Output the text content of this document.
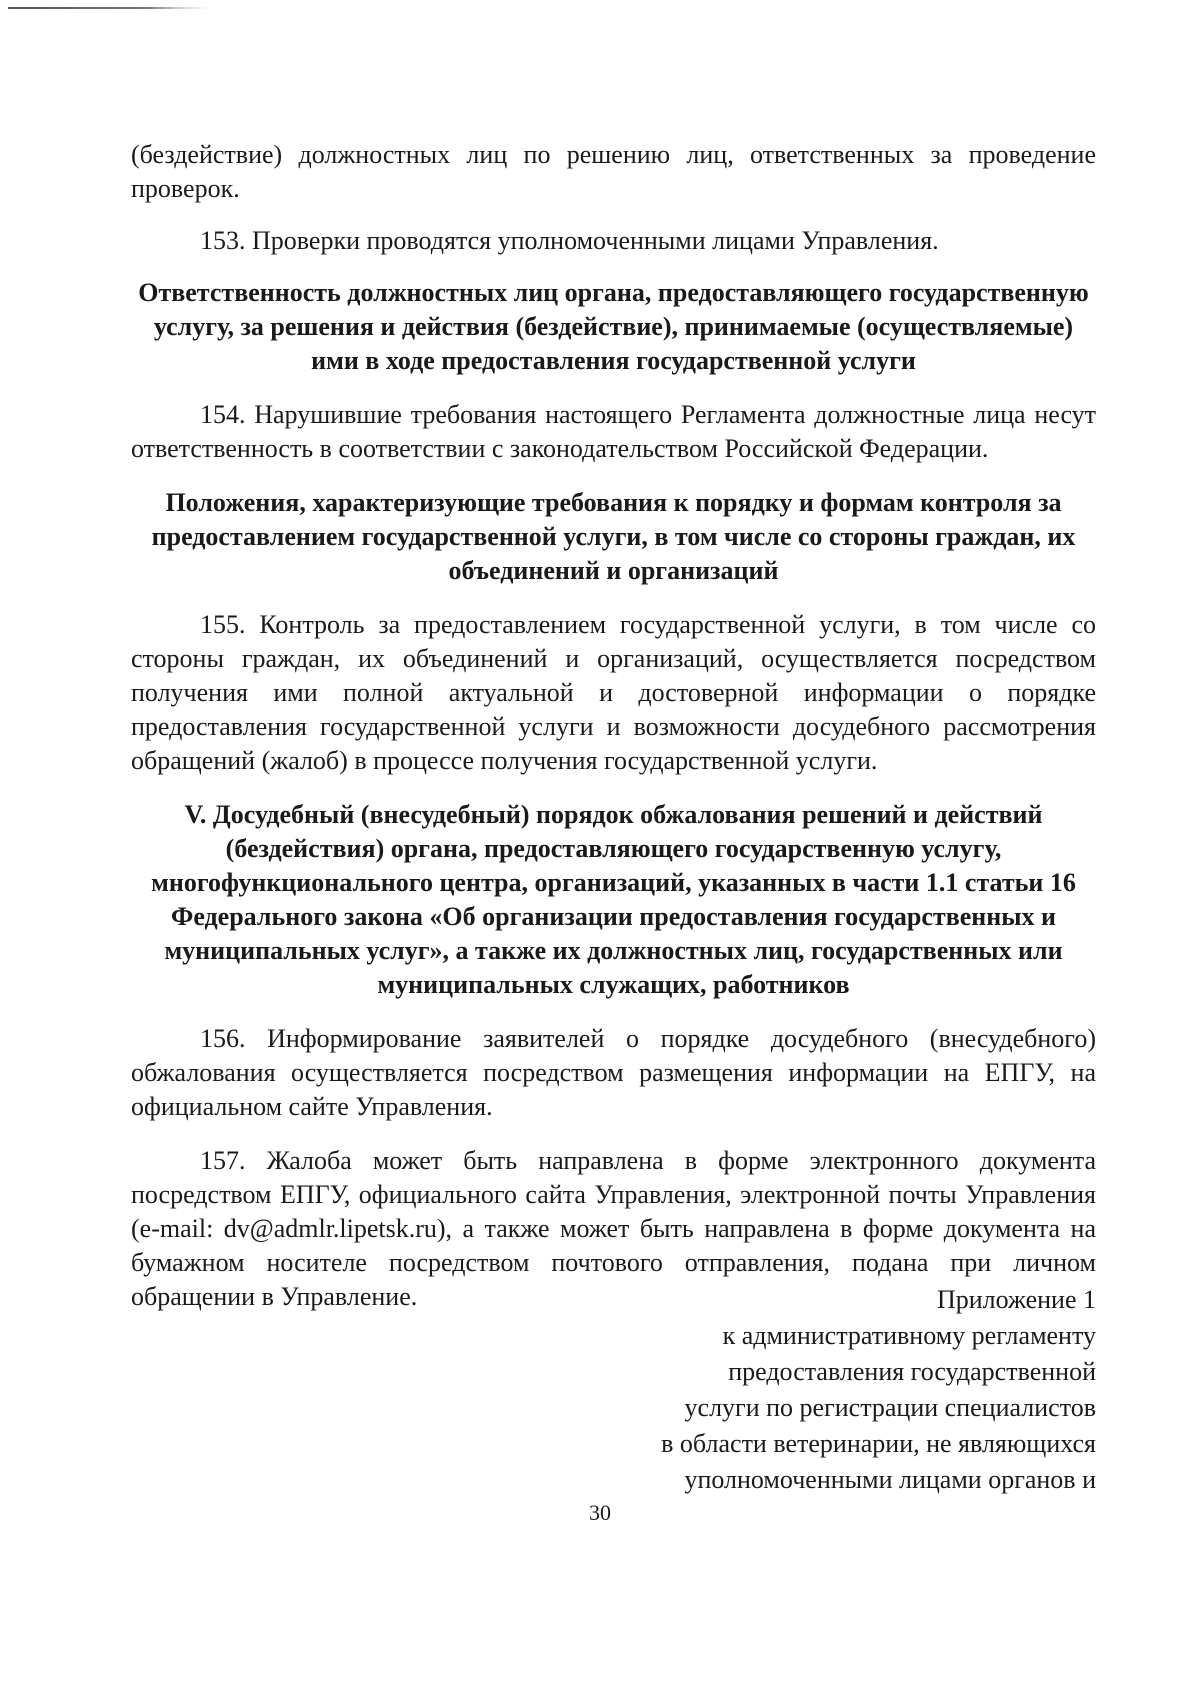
(бездействие) должностных лиц по решению лиц, ответственных за проведение проверок.

153. Проверки проводятся уполномоченными лицами Управления.

Ответственность должностных лиц органа, предоставляющего государственную услугу, за решения и действия (бездействие), принимаемые (осуществляемые) ими в ходе предоставления государственной услуги

154. Нарушившие требования настоящего Регламента должностные лица несут ответственность в соответствии с законодательством Российской Федерации.

Положения, характеризующие требования к порядку и формам контроля за предоставлением государственной услуги, в том числе со стороны граждан, их объединений и организаций

155. Контроль за предоставлением государственной услуги, в том числе со стороны граждан, их объединений и организаций, осуществляется посредством получения ими полной актуальной и достоверной информации о порядке предоставления государственной услуги и возможности досудебного рассмотрения обращений (жалоб) в процессе получения государственной услуги.

V. Досудебный (внесудебный) порядок обжалования решений и действий (бездействия) органа, предоставляющего государственную услугу, многофункционального центра, организаций, указанных в части 1.1 статьи 16 Федерального закона «Об организации предоставления государственных и муниципальных услуг», а также их должностных лиц, государственных или муниципальных служащих, работников

156. Информирование заявителей о порядке досудебного (внесудебного) обжалования осуществляется посредством размещения информации на ЕПГУ, на официальном сайте Управления.

157. Жалоба может быть направлена в форме электронного документа посредством ЕПГУ, официального сайта Управления, электронной почты Управления (e-mail: dv@admlr.lipetsk.ru), а также может быть направлена в форме документа на бумажном носителе посредством почтового отправления, подана при личном обращении в Управление.	Приложение 1
к административному регламенту
предоставления государственной
услуги по регистрации специалистов
в области ветеринарии, не являющихся
уполномоченными лицами органов и
30
